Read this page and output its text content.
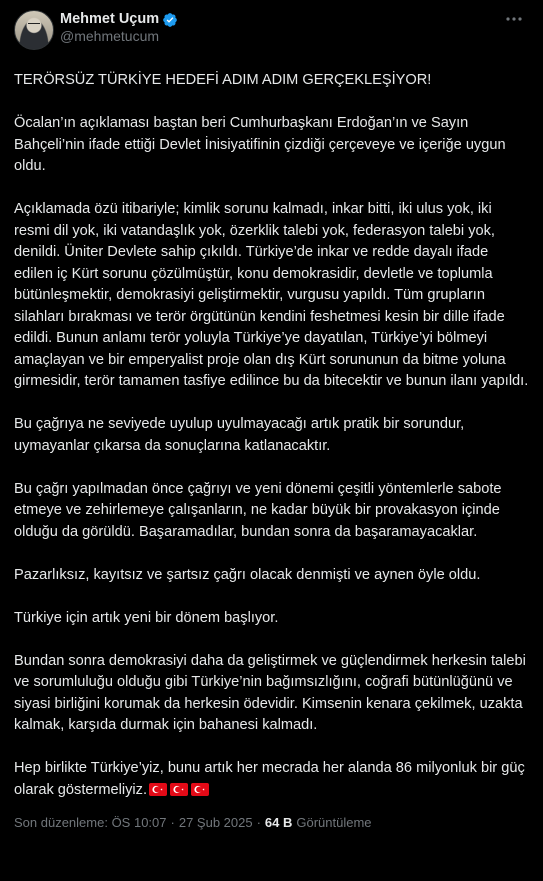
Mehmet Uçum
@mehmetucum

TERÖRSÜZ TÜRKİYE HEDEFİ ADIM ADIM GERÇEKLEŞİYOR!

Öcalan’ın açıklaması baştan beri Cumhurbaşkanı Erdoğan’ın ve Sayın Bahçeli’nin ifade ettiği Devlet İnisiyatifinin çizdiği çerçeveye ve içeriğe uygun oldu.

Açıklamada özü itibariyle; kimlik sorunu kalmadı, inkar bitti, iki ulus yok, iki resmi dil yok, iki vatandaşlık yok, özerklik talebi yok, federasyon talebi yok, denildi. Üniter Devlete sahip çıkıldı. Türkiye’de inkar ve redde dayalı ifade edilen iç Kürt sorunu çözülmüştür, konu demokrasidir, devletle ve toplumla bütünleşmektir, demokrasiyi geliştirmektir, vurgusu yapıldı. Tüm grupların silahları bırakması ve terör örgütünün kendini feshetmesi kesin bir dille ifade edildi. Bunun anlamı terör yoluyla Türkiye’ye dayatılan, Türkiye’yi bölmeyi amaçlayan ve bir emperyalist proje olan dış Kürt sorununun da bitme yoluna girmesidir, terör tamamen tasfiye edilince bu da bitecektir ve bunun ilanı yapıldı.

Bu çağrıya ne seviyede uyulup uyulmayacağı artık pratik bir sorundur, uymayanlar çıkarsa da sonuçlarına katlanacaktır.

Bu çağrı yapılmadan önce çağrıyı ve yeni dönemi çeşitli yöntemlerle sabote etmeye ve zehirlemeye çalışanların, ne kadar büyük bir provakasyon içinde olduğu da görüldü. Başaramadılar, bundan sonra da başaramayacaklar.

Pazarlıksız, kayıtsız ve şartsız çağrı olacak denmişti ve aynen öyle oldu.

Türkiye için artık yeni bir dönem başlıyor.

Bundan sonra demokrasiyi daha da geliştirmek ve güçlendirmek herkesin talebi ve sorumluluğu olduğu gibi Türkiye’nin bağımsızlığını, coğrafi bütünlüğünü ve siyasi birliğini korumak da herkesin ödevidir. Kimsenin kenara çekilmek, uzakta kalmak, karşıda durmak için bahanesi kalmadı.

Hep birlikte Türkiye’yiz, bunu artık her mecrada her alanda 86 milyonluk bir güç olarak göstermeliyiz.

Son düzenleme: ÖS 10:07 · 27 Şub 2025 · 64 B Görüntüleme
